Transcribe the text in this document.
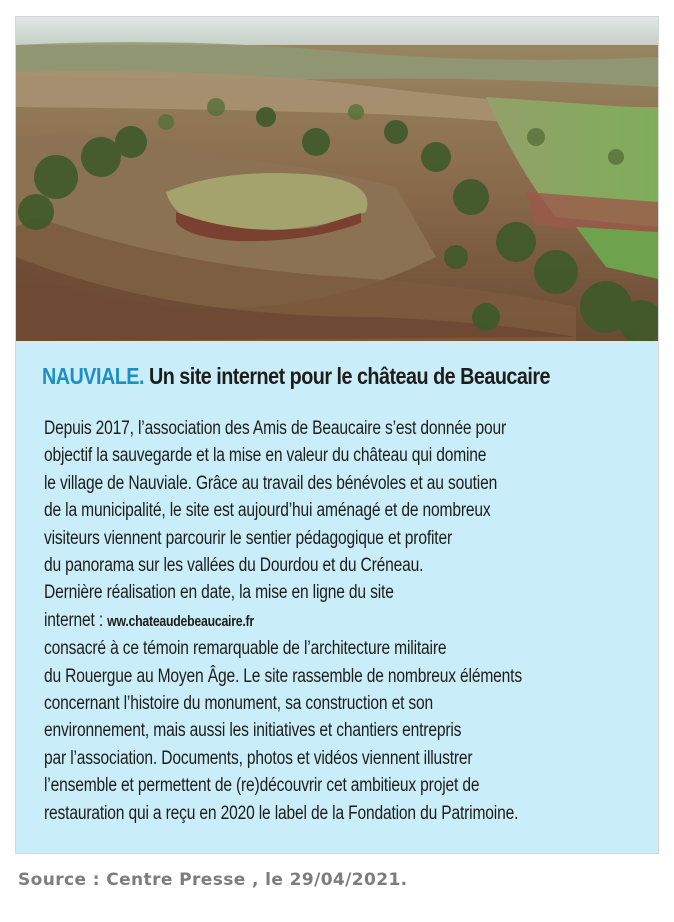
NAUVIALE. Un site internet pour le château de Beaucaire
Depuis 2017, l’association des Amis de Beaucaire s’est donnée pour
objectif la sauvegarde et la mise en valeur du château qui domine
le village de Nauviale. Grâce au travail des bénévoles et au soutien
de la municipalité, le site est aujourd’hui aménagé et de nombreux
visiteurs viennent parcourir le sentier pédagogique et profiter
du panorama sur les vallées du Dourdou et du Créneau.
Dernière réalisation en date, la mise en ligne du site
internet : ww.chateaudebeaucaire.fr
consacré à ce témoin remarquable de l’architecture militaire
du Rouergue au Moyen Âge. Le site rassemble de nombreux éléments
concernant l’histoire du monument, sa construction et son
environnement, mais aussi les initiatives et chantiers entrepris
par l’association. Documents, photos et vidéos viennent illustrer
l’ensemble et permettent de (re)découvrir cet ambitieux projet de
restauration qui a reçu en 2020 le label de la Fondation du Patrimoine.
Source : Centre Presse , le 29/04/2021.
